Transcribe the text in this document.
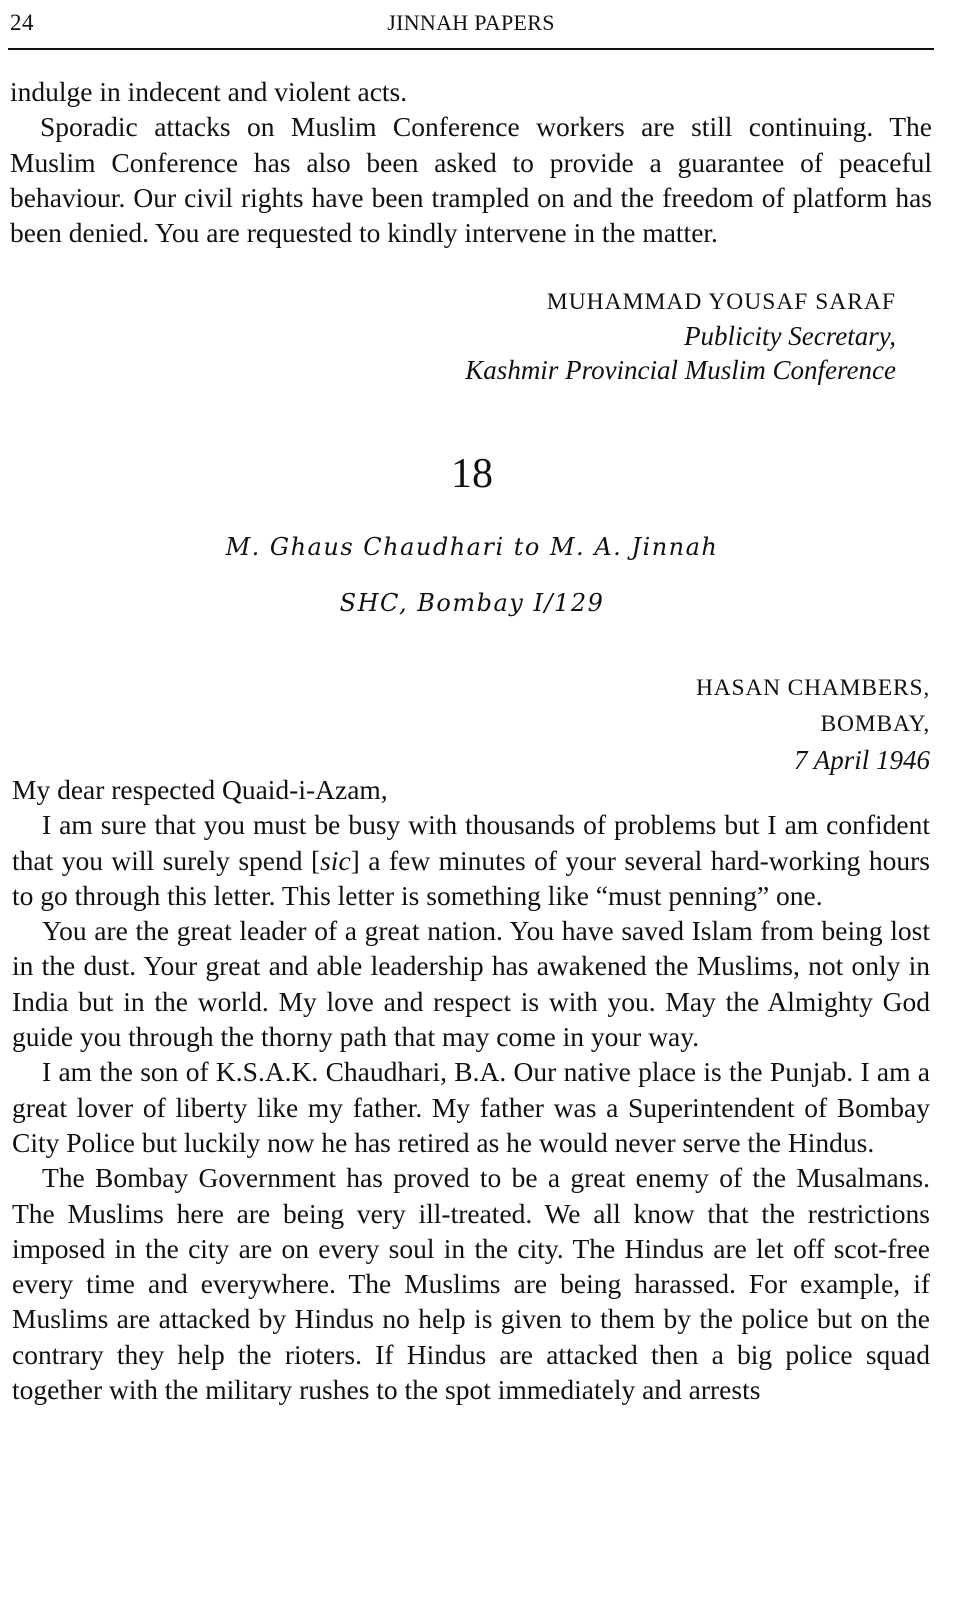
24	JINNAH PAPERS

indulge in indecent and violent acts.

Sporadic attacks on Muslim Conference workers are still continuing. The Muslim Conference has also been asked to provide a guarantee of peaceful behaviour. Our civil rights have been trampled on and the freedom of platform has been denied. You are requested to kindly intervene in the matter.

MUHAMMAD YOUSAF SARAF
Publicity Secretary,
Kashmir Provincial Muslim Conference
18
M. Ghaus Chaudhari to M. A. Jinnah
SHC, Bombay I/129
HASAN CHAMBERS,
BOMBAY,
7 April 1946

My dear respected Quaid-i-Azam,

I am sure that you must be busy with thousands of problems but I am confident that you will surely spend [sic] a few minutes of your several hard-working hours to go through this letter. This letter is something like “must penning” one.

You are the great leader of a great nation. You have saved Islam from being lost in the dust. Your great and able leadership has awakened the Muslims, not only in India but in the world. My love and respect is with you. May the Almighty God guide you through the thorny path that may come in your way.

I am the son of K.S.A.K. Chaudhari, B.A. Our native place is the Punjab. I am a great lover of liberty like my father. My father was a Superintendent of Bombay City Police but luckily now he has retired as he would never serve the Hindus.

The Bombay Government has proved to be a great enemy of the Musalmans. The Muslims here are being very ill-treated. We all know that the restrictions imposed in the city are on every soul in the city. The Hindus are let off scot-free every time and everywhere. The Muslims are being harassed. For example, if Muslims are attacked by Hindus no help is given to them by the police but on the contrary they help the rioters. If Hindus are attacked then a big police squad together with the military rushes to the spot immediately and arrests
